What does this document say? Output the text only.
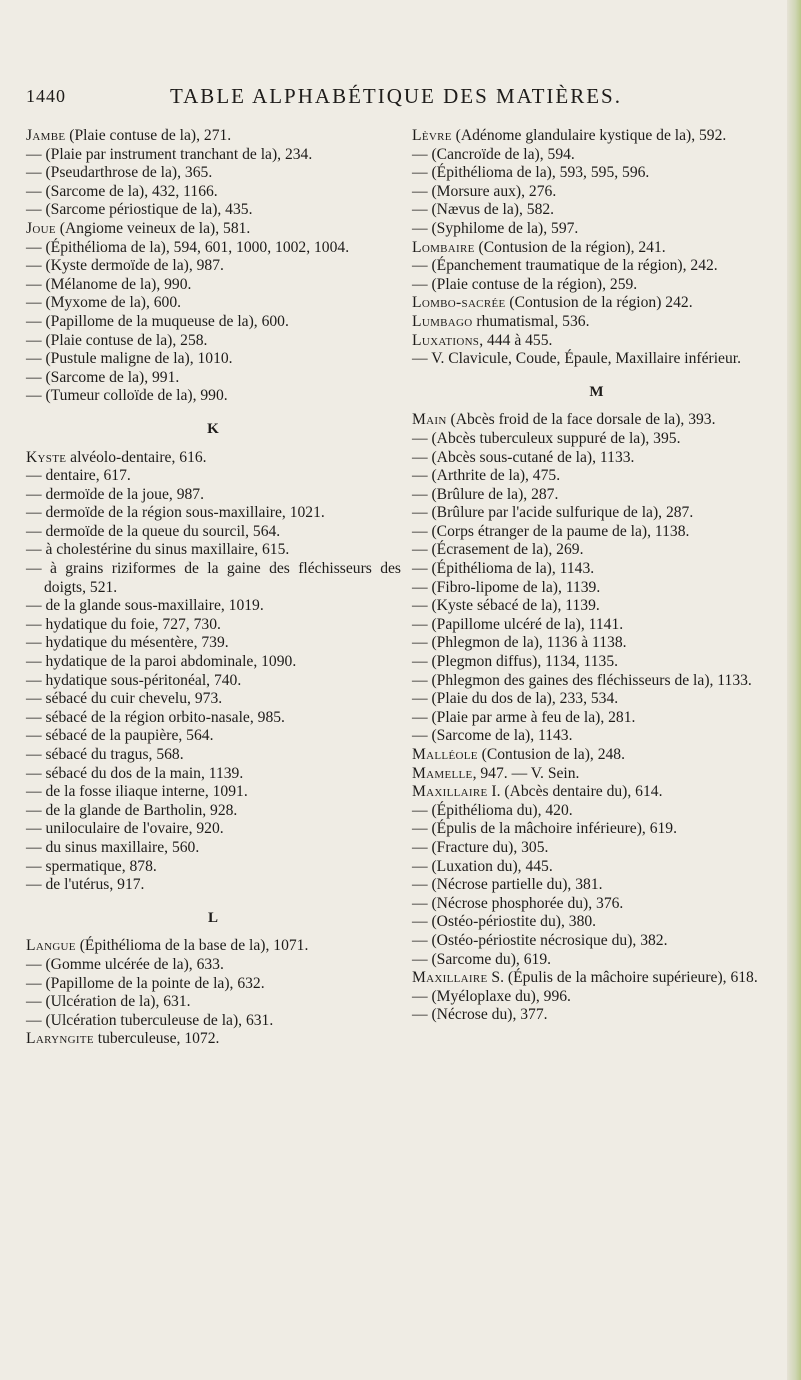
1440	TABLE ALPHABÉTIQUE DES MATIÈRES.

Jambe (Plaie contuse de la), 271.

— (Plaie par instrument tranchant de la), 234.

— (Pseudarthrose de la), 365.

— (Sarcome de la), 432, 1166.

— (Sarcome périostique de la), 435.

Joue (Angiome veineux de la), 581.

— (Épithélioma de la), 594, 601, 1000, 1002, 1004.

— (Kyste dermoïde de la), 987.

— (Mélanome de la), 990.

— (Myxome de la), 600.

— (Papillome de la muqueuse de la), 600.

— (Plaie contuse de la), 258.

— (Pustule maligne de la), 1010.

— (Sarcome de la), 991.

— (Tumeur colloïde de la), 990.

K

Kyste alvéolo-dentaire, 616.

— dentaire, 617.

— dermoïde de la joue, 987.

— dermoïde de la région sous-maxillaire, 1021.

— dermoïde de la queue du sourcil, 564.

— à cholestérine du sinus maxillaire, 615.

— à grains riziformes de la gaine des fléchisseurs des doigts, 521.

— de la glande sous-maxillaire, 1019.

— hydatique du foie, 727, 730.

— hydatique du mésentère, 739.

— hydatique de la paroi abdominale, 1090.

— hydatique sous-péritonéal, 740.

— sébacé du cuir chevelu, 973.

— sébacé de la région orbito-nasale, 985.

— sébacé de la paupière, 564.

— sébacé du tragus, 568.

— sébacé du dos de la main, 1139.

— de la fosse iliaque interne, 1091.

— de la glande de Bartholin, 928.

— uniloculaire de l'ovaire, 920.

— du sinus maxillaire, 560.

— spermatique, 878.

— de l'utérus, 917.

L

Langue (Épithélioma de la base de la), 1071.

— (Gomme ulcérée de la), 633.

— (Papillome de la pointe de la), 632.

— (Ulcération de la), 631.

— (Ulcération tuberculeuse de la), 631.

Laryngite tuberculeuse, 1072.

Lèvre (Adénome glandulaire kystique de la), 592.

— (Cancroïde de la), 594.

— (Épithélioma de la), 593, 595, 596.

— (Morsure aux), 276.

— (Nævus de la), 582.

— (Syphilome de la), 597.

Lombaire (Contusion de la région), 241.

— (Épanchement traumatique de la région), 242.

— (Plaie contuse de la région), 259.

Lombo-sacrée (Contusion de la région) 242.

Lumbago rhumatismal, 536.

Luxations, 444 à 455.

— V. Clavicule, Coude, Épaule, Maxillaire inférieur.

M

Main (Abcès froid de la face dorsale de la), 393.

— (Abcès tuberculeux suppuré de la), 395.

— (Abcès sous-cutané de la), 1133.

— (Arthrite de la), 475.

— (Brûlure de la), 287.

— (Brûlure par l'acide sulfurique de la), 287.

— (Corps étranger de la paume de la), 1138.

— (Écrasement de la), 269.

— (Épithélioma de la), 1143.

— (Fibro-lipome de la), 1139.

— (Kyste sébacé de la), 1139.

— (Papillome ulcéré de la), 1141.

— (Phlegmon de la), 1136 à 1138.

— (Plegmon diffus), 1134, 1135.

— (Phlegmon des gaines des fléchisseurs de la), 1133.

— (Plaie du dos de la), 233, 534.

— (Plaie par arme à feu de la), 281.

— (Sarcome de la), 1143.

Malléole (Contusion de la), 248.

Mamelle, 947. — V. Sein.

Maxillaire I. (Abcès dentaire du), 614.

— (Épithélioma du), 420.

— (Épulis de la mâchoire inférieure), 619.

— (Fracture du), 305.

— (Luxation du), 445.

— (Nécrose partielle du), 381.

— (Nécrose phosphorée du), 376.

— (Ostéo-périostite du), 380.

— (Ostéo-périostite nécrosique du), 382.

— (Sarcome du), 619.

Maxillaire S. (Épulis de la mâchoire supérieure), 618.

— (Myéloplaxe du), 996.

— (Nécrose du), 377.
